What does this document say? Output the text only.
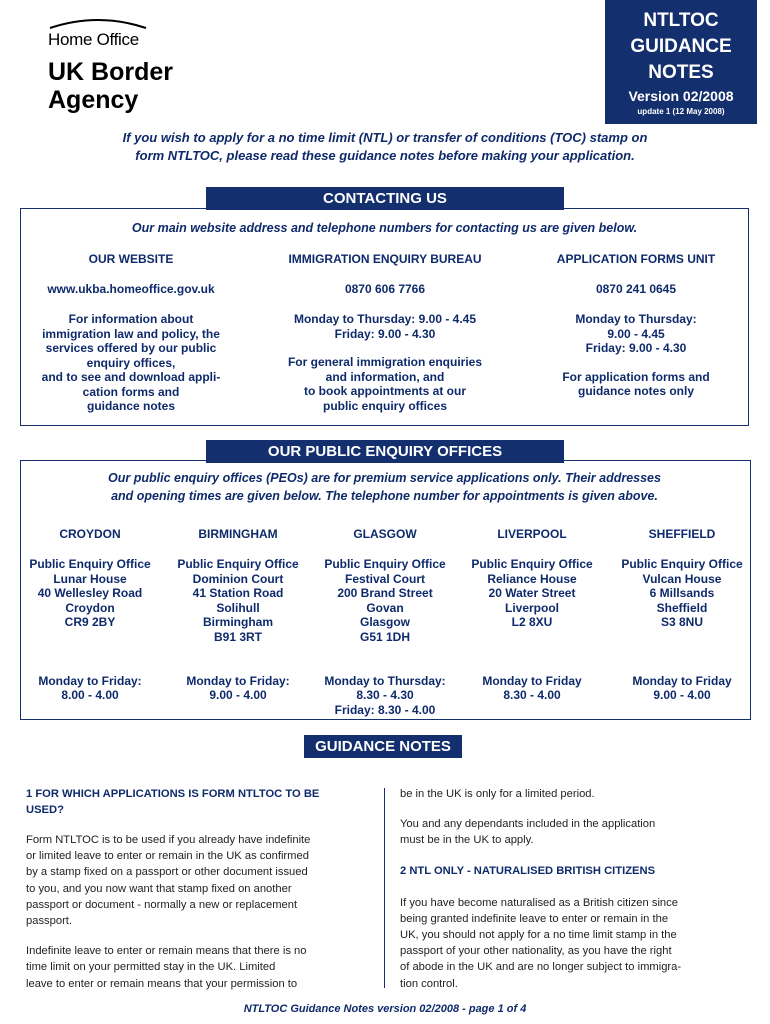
Home Office
UK Border
Agency
NTLTOC
GUIDANCE
NOTES
Version 02/2008
update 1 (12 May 2008)
If you wish to apply for a no time limit (NTL) or transfer of conditions (TOC) stamp on
form NTLTOC, please read these guidance notes before making your application.
CONTACTING US
Our main website address and telephone numbers for contacting us are given below.
OUR WEBSITE
www.ukba.homeoffice.gov.uk
For information about
immigration law and policy, the
services offered by our public
enquiry offices,
and to see and download appli-
cation forms and
guidance notes
IMMIGRATION ENQUIRY BUREAU
0870 606 7766
Monday to Thursday: 9.00 - 4.45
Friday: 9.00 - 4.30
For general immigration enquiries
and information, and
to book appointments at our
public enquiry offices
APPLICATION FORMS UNIT
0870 241 0645
Monday to Thursday:
9.00 - 4.45
Friday: 9.00 - 4.30
For application forms and
guidance notes only
OUR PUBLIC ENQUIRY OFFICES
Our public enquiry offices (PEOs) are for premium service applications only. Their addresses
and opening times are given below. The telephone number for appointments is given above.
CROYDON
Public Enquiry Office
Lunar House
40 Wellesley Road
Croydon
CR9 2BY
Monday to Friday:
8.00 - 4.00
BIRMINGHAM
Public Enquiry Office
Dominion Court
41 Station Road
Solihull
Birmingham
B91 3RT
Monday to Friday:
9.00 - 4.00
GLASGOW
Public Enquiry Office
Festival Court
200 Brand Street
Govan
Glasgow
G51 1DH
Monday to Thursday:
8.30 - 4.30
Friday: 8.30 - 4.00
LIVERPOOL
Public Enquiry Office
Reliance House
20 Water Street
Liverpool
L2 8XU
Monday to Friday
8.30 - 4.00
SHEFFIELD
Public Enquiry Office
Vulcan House
6 Millsands
Sheffield
S3 8NU
Monday to Friday
9.00 - 4.00
GUIDANCE NOTES
1 FOR WHICH APPLICATIONS IS FORM NTLTOC TO BE
USED?
Form NTLTOC is to be used if you already have indefinite
or limited leave to enter or remain in the UK as confirmed
by a stamp fixed on a passport or other document issued
to you, and you now want that stamp fixed on another
passport or document - normally a new or replacement
passport.
Indefinite leave to enter or remain means that there is no
time limit on your permitted stay in the UK. Limited
leave to enter or remain means that your permission to
be in the UK is only for a limited period.
You and any dependants included in the application
must be in the UK to apply.
2 NTL ONLY - NATURALISED BRITISH CITIZENS
If you have become naturalised as a British citizen since
being granted indefinite leave to enter or remain in the
UK, you should not apply for a no time limit stamp in the
passport of your other nationality, as you have the right
of abode in the UK and are no longer subject to immigra-
tion control.
NTLTOC Guidance Notes version 02/2008 - page 1 of 4
